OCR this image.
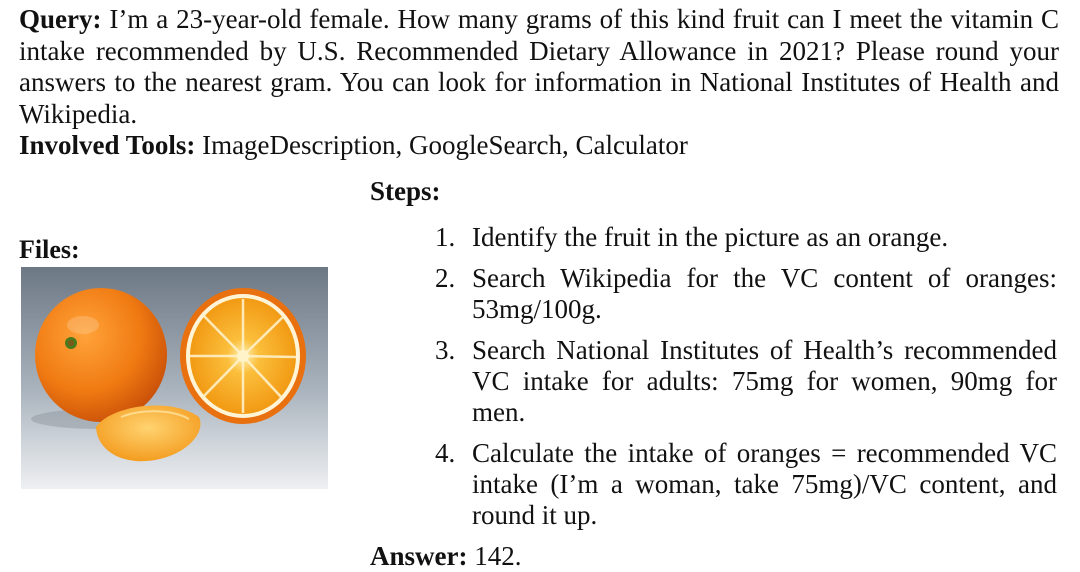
Query: I’m a 23-year-old female. How many grams of this kind fruit can I meet the vitamin C intake recommended by U.S. Recommended Dietary Allowance in 2021? Please round your answers to the nearest gram. You can look for information in National Institutes of Health and Wikipedia.
Involved Tools: ImageDescription, GoogleSearch, Calculator
Files:
Steps:
1. Identify the fruit in the picture as an orange.
2. Search Wikipedia for the VC content of oranges: 53mg/100g.
3. Search National Institutes of Health’s recommended VC intake for adults: 75mg for women, 90mg for men.
4. Calculate the intake of oranges = recommended VC intake (I’m a woman, take 75mg)/VC content, and round it up.
Answer: 142.
